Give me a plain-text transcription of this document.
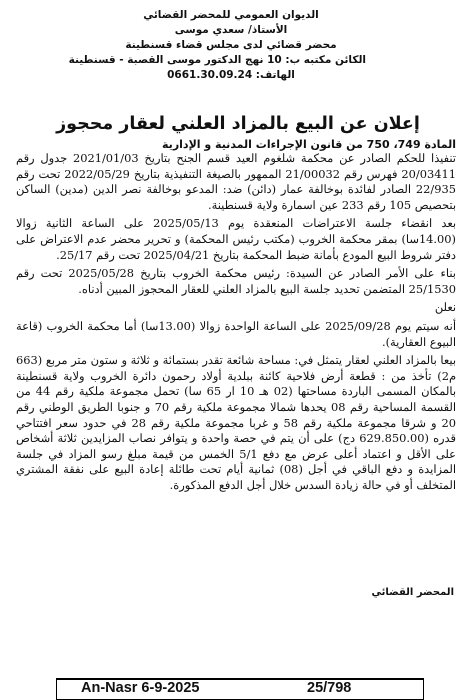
الديوان العمومي للمحضر القضائي
الأستاذ/ سعدي موسى
محضر قضائي لدى مجلس قضاء قسنطينة
الكائن مكتبه ب: 10 نهج الدكتور موسى القصبة - قسنطينة
الهاتف: 0661.30.09.24
إعلان عن البيع بالمزاد العلني لعقار محجوز
المادة 749، 750 من قانون الإجراءات المدنية و الإدارية

تنفيذا للحكم الصادر عن محكمة شلغوم العيد قسم الجنح بتاريخ 2021/01/03 جدول رقم 20/03411 فهرس رقم 21/00032 الممهور بالصيغة التنفيذية بتاريخ 2022/05/29 تحت رقم 22/935 الصادر لفائدة بوخالفة عمار (دائن) ضد: المدعو بوخالفة نصر الدين (مدين) الساكن بتحصيص 105 رقم 233 عين اسمارة ولاية قسنطينة.

بعد انقضاء جلسة الاعتراضات المنعقدة يوم 2025/05/13 على الساعة الثانية زوالا (14.00سا) بمقر محكمة الخروب (مكتب رئيس المحكمة) و تحرير محضر عدم الاعتراض على دفتر شروط البيع المودع بأمانة ضبط المحكمة بتاريخ 2025/04/21 تحت رقم 25/17.

بناء على الأمر الصادر عن السيدة: رئيس محكمة الخروب بتاريخ 2025/05/28 تحت رقم 25/1530 المتضمن تحديد جلسة البيع بالمزاد العلني للعقار المحجوز المبين أدناه.

نعلن

أنه سيتم يوم 2025/09/28 على الساعة الواحدة زوالا (13.00سا) أما محكمة الخروب (قاعة البيوع العقارية).

بيعا بالمزاد العلني لعقار يتمثل في: مساحة شائعة تقدر بستمائة و ثلاثة و ستون متر مربع (663 م2) تأخذ من : قطعة أرض فلاحية كائنة ببلدية أولاد رحمون دائرة الخروب ولاية قسنطينة بالمكان المسمى الباردة مساحتها (02 هـ 10 ار 65 سا) تحمل مجموعة ملكية رقم 44 من القسمة المساحية رقم 08 يحدها شمالا مجموعة ملكية رقم 70 و جنوبا الطريق الوطني رقم 20 و شرقا مجموعة ملكية رقم 58 و غربا مجموعة ملكية رقم 28 في حدود سعر افتتاحي قدره (629.850.00 دج) على أن يتم في حصة واحدة و يتوافر نصاب المزايدين ثلاثة أشخاص على الأقل و اعتماد أعلى عرض مع دفع 5/1 الخمس من قيمة مبلغ رسو المزاد في جلسة المزايدة و دفع الباقي في أجل (08) ثمانية أيام تحت طائلة إعادة البيع على نفقة المشتري المتخلف أو في حالة زيادة السدس خلال أجل الدفع المذكورة.

المحضر القضائي
An-Nasr 6-9-2025	25/798
